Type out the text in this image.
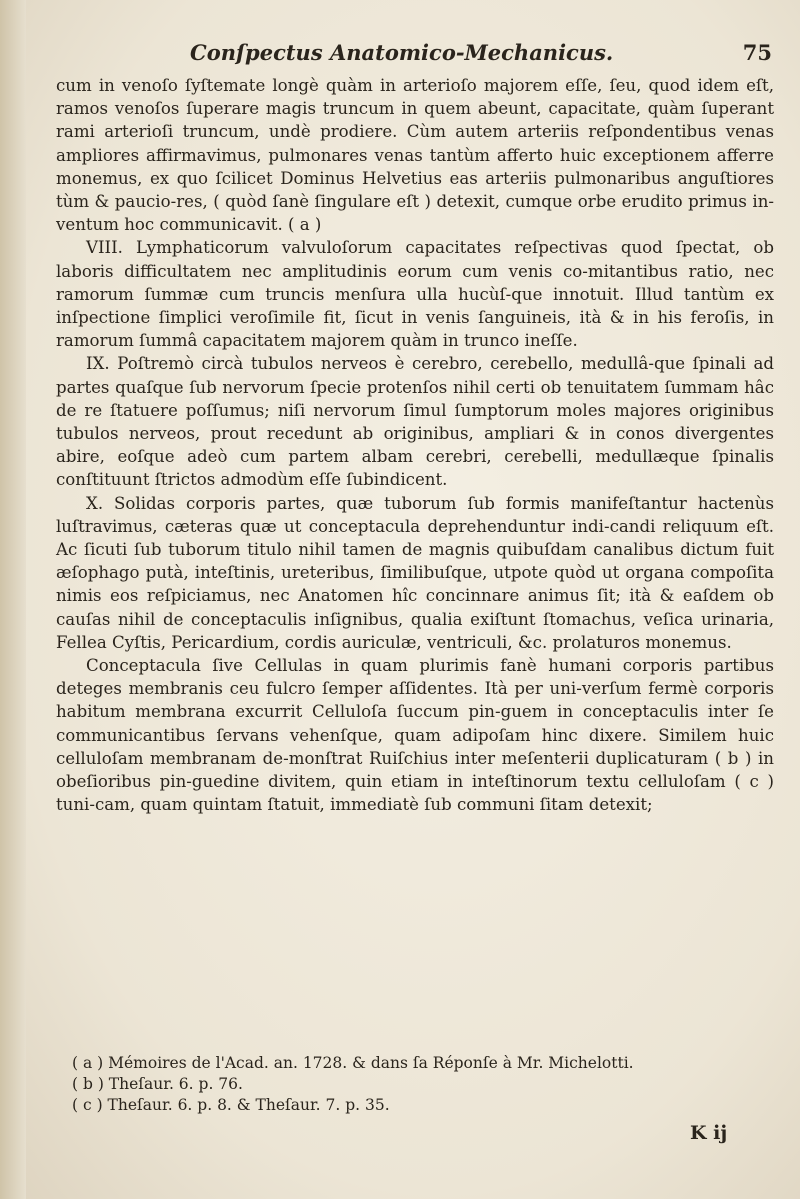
Conſpectus Anatomico-Mechanicus.	75

cum in venoſo ſyſtemate longè quàm in arterioſo majorem eſſe, ſeu, quod idem eſt, ramos venoſos ſuperare magis truncum in quem abeunt, capacitate, quàm ſuperant rami arterioſi truncum, undè prodiere. Cùm autem arteriis reſpondentibus venas ampliores affirmavimus, pulmonares venas tantùm afferto huic exceptionem afferre monemus, ex quo ſcilicet Dominus Helvetius eas arteriis pulmonaribus anguſtiores tùm & paucio-res, ( quòd ſanè ſingulare eſt ) detexit, cumque orbe erudito primus in-ventum hoc communicavit. ( a )

VIII. Lymphaticorum valvuloſorum capacitates reſpectivas quod ſpectat, ob laboris difficultatem nec amplitudinis eorum cum venis co-mitantibus ratio, nec ramorum ſummæ cum truncis menſura ulla hucùſ-que innotuit. Illud tantùm ex inſpectione ſimplici veroſimile fit, ſicut in venis ſanguineis, ità & in his feroſis, in ramorum ſummâ capacitatem majorem quàm in trunco ineſſe.

IX. Poſtremò circà tubulos nerveos è cerebro, cerebello, medullâ-que ſpinali ad partes quaſque ſub nervorum ſpecie protenſos nihil certi ob tenuitatem ſummam hâc de re ſtatuere poſſumus; niſi nervorum ſimul ſumptorum moles majores originibus tubulos nerveos, prout recedunt ab originibus, ampliari & in conos divergentes abire, eoſque adeò cum partem albam cerebri, cerebelli, medullæque ſpinalis conſtituunt ſtrictos admodùm eſſe ſubindicent.

X. Solidas corporis partes, quæ tuborum ſub formis manifeſtantur hactenùs luſtravimus, cæteras quæ ut conceptacula deprehenduntur indi-candi reliquum eſt. Ac ſicuti ſub tuborum titulo nihil tamen de magnis quibuſdam canalibus dictum fuit æſophago putà, inteſtinis, ureteribus, ſimilibuſque, utpote quòd ut organa compoſita nimis eos reſpiciamus, nec Anatomen hîc concinnare animus ſit; ità & eaſdem ob cauſas nihil de conceptaculis inſignibus, qualia exiſtunt ſtomachus, veſica urinaria, Fellea Cyſtis, Pericardium, cordis auriculæ, ventriculi, &c. prolaturos monemus.

Conceptacula ſive Cellulas in quam plurimis fanè humani corporis partibus deteges membranis ceu fulcro ſemper aſſidentes. Ità per uni-verſum fermè corporis habitum membrana excurrit Celluloſa ſuccum pin-guem in conceptaculis inter ſe communicantibus ſervans vehenſque, quam adipoſam hinc dixere. Similem huic celluloſam membranam de-monſtrat Ruiſchius inter meſenterii duplicaturam ( b ) in obeſioribus pin-guedine divitem, quin etiam in inteſtinorum textu celluloſam ( c ) tuni-cam, quam quintam ſtatuit, immediatè ſub communi ſitam detexit;

( a ) Mémoires de l'Acad. an. 1728. & dans ſa Réponſe à Mr. Michelotti.
( b ) Theſaur. 6. p. 76.
( c ) Theſaur. 6. p. 8. & Theſaur. 7. p. 35.
K ij
